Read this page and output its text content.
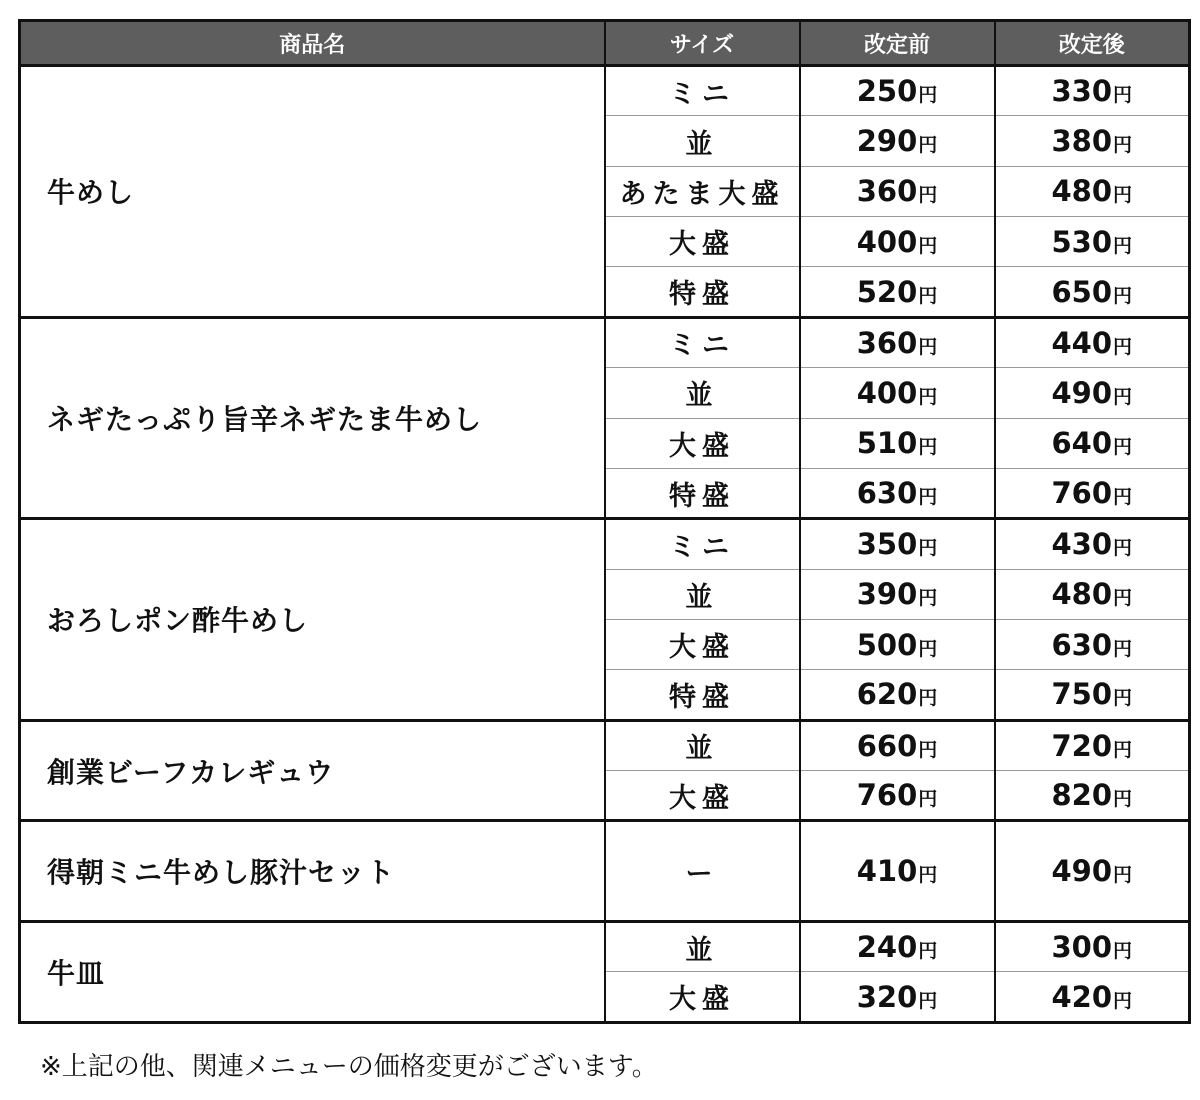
商品名	サイズ	改定前	改定後
牛めし	ミニ	250円	330円
	並	290円	380円
	あたま大盛	360円	480円
	大盛	400円	530円
	特盛	520円	650円
ネギたっぷり旨辛ネギたま牛めし	ミニ	360円	440円
	並	400円	490円
	大盛	510円	640円
	特盛	630円	760円
おろしポン酢牛めし	ミニ	350円	430円
	並	390円	480円
	大盛	500円	630円
	特盛	620円	750円
創業ビーフカレギュウ	並	660円	720円
	大盛	760円	820円
得朝ミニ牛めし豚汁セット	ー	410円	490円
牛皿	並	240円	300円
	大盛	320円	420円
※上記の他、関連メニューの価格変更がございます。
